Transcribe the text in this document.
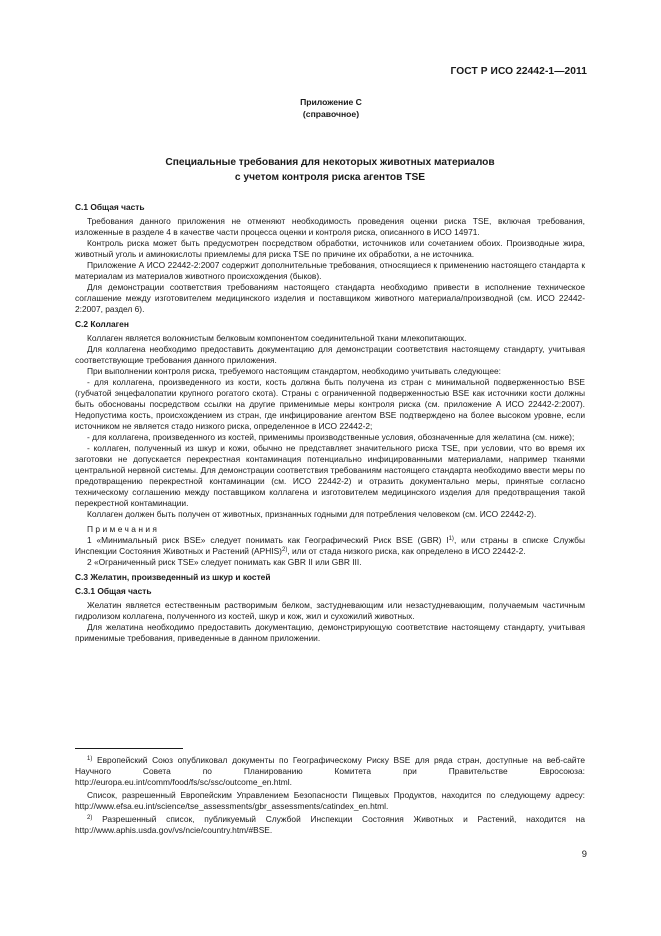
ГОСТ Р ИСО 22442-1—2011
Приложение С
(справочное)
Специальные требования для некоторых животных материалов
с учетом контроля риска агентов TSE

С.1 Общая часть

Требования данного приложения не отменяют необходимость проведения оценки риска TSE, включая требования, изложенные в разделе 4 в качестве части процесса оценки и контроля риска, описанного в ИСО 14971.

Контроль риска может быть предусмотрен посредством обработки, источников или сочетанием обоих. Производные жира, животный уголь и аминокислоты приемлемы для риска TSE по причине их обработки, а не источника.

Приложение А ИСО 22442-2:2007 содержит дополнительные требования, относящиеся к применению настоящего стандарта к материалам из материалов животного происхождения (быков).

Для демонстрации соответствия требованиям настоящего стандарта необходимо привести в исполнение техническое соглашение между изготовителем медицинского изделия и поставщиком животного материала/производной (см. ИСО 22442-2:2007, раздел 6).

С.2 Коллаген

Коллаген является волокнистым белковым компонентом соединительной ткани млекопитающих.

Для коллагена необходимо предоставить документацию для демонстрации соответствия настоящему стандарту, учитывая соответствующие требования данного приложения.

При выполнении контроля риска, требуемого настоящим стандартом, необходимо учитывать следующее:

- для коллагена, произведенного из кости, кость должна быть получена из стран с минимальной подверженностью BSE (губчатой энцефалопатии крупного рогатого скота). Страны с ограниченной подверженностью BSE как источники кости должны быть обоснованы посредством ссылки на другие применимые меры контроля риска (см. приложение А ИСО 22442-2:2007). Недопустима кость, происхождением из стран, где инфицирование агентом BSE подтверждено на более высоком уровне, если источником не является стадо низкого риска, определенное в ИСО 22442-2;

- для коллагена, произведенного из костей, применимы производственные условия, обозначенные для желатина (см. ниже);

- коллаген, полученный из шкур и кожи, обычно не представляет значительного риска TSE, при условии, что во время их заготовки не допускается перекрестная контаминация потенциально инфицированными материалами, например тканями центральной нервной системы. Для демонстрации соответствия требованиям настоящего стандарта необходимо ввести меры по предотвращению перекрестной контаминации (см. ИСО 22442-2) и отразить документально меры, принятые согласно техническому соглашению между поставщиком коллагена и изготовителем медицинского изделия для предотвращения такой перекрестной контаминации.

Коллаген должен быть получен от животных, признанных годными для потребления человеком (см. ИСО 22442-2).

Примечания

1 «Минимальный риск BSE» следует понимать как Географический Риск BSE (GBR) $I^{1)}$, или страны в списке Службы Инспекции Состояния Животных и Растений (APHIS)$^{2)}$, или от стада низкого риска, как определено в ИСО 22442-2.

2 «Ограниченный риск TSE» следует понимать как GBR II или GBR III.

С.3 Желатин, произведенный из шкур и костей

С.3.1 Общая часть

Желатин является естественным растворимым белком, застудневающим или незастудневающим, получаемым частичным гидролизом коллагена, полученного из костей, шкур и кож, жил и сухожилий животных.

Для желатина необходимо предоставить документацию, демонстрирующую соответствие настоящему стандарту, учитывая применимые требования, приведенные в данном приложении.

$^{1)}$ Европейский Союз опубликовал документы по Географическому Риску BSE для ряда стран, доступные на веб-сайте Научного Совета по Планированию Комитета при Правительстве Евросоюза: http://europa.eu.int/comm/food/fs/sc/ssc/outcome_en.html.

Список, разрешенный Европейским Управлением Безопасности Пищевых Продуктов, находится по следующему адресу: http://www.efsa.eu.int/science/tse_assessments/gbr_assessments/catindex_en.html.

$^{2)}$ Разрешенный список, публикуемый Службой Инспекции Состояния Животных и Растений, находится на http://www.aphis.usda.gov/vs/ncie/country.htm/#BSE.

9
